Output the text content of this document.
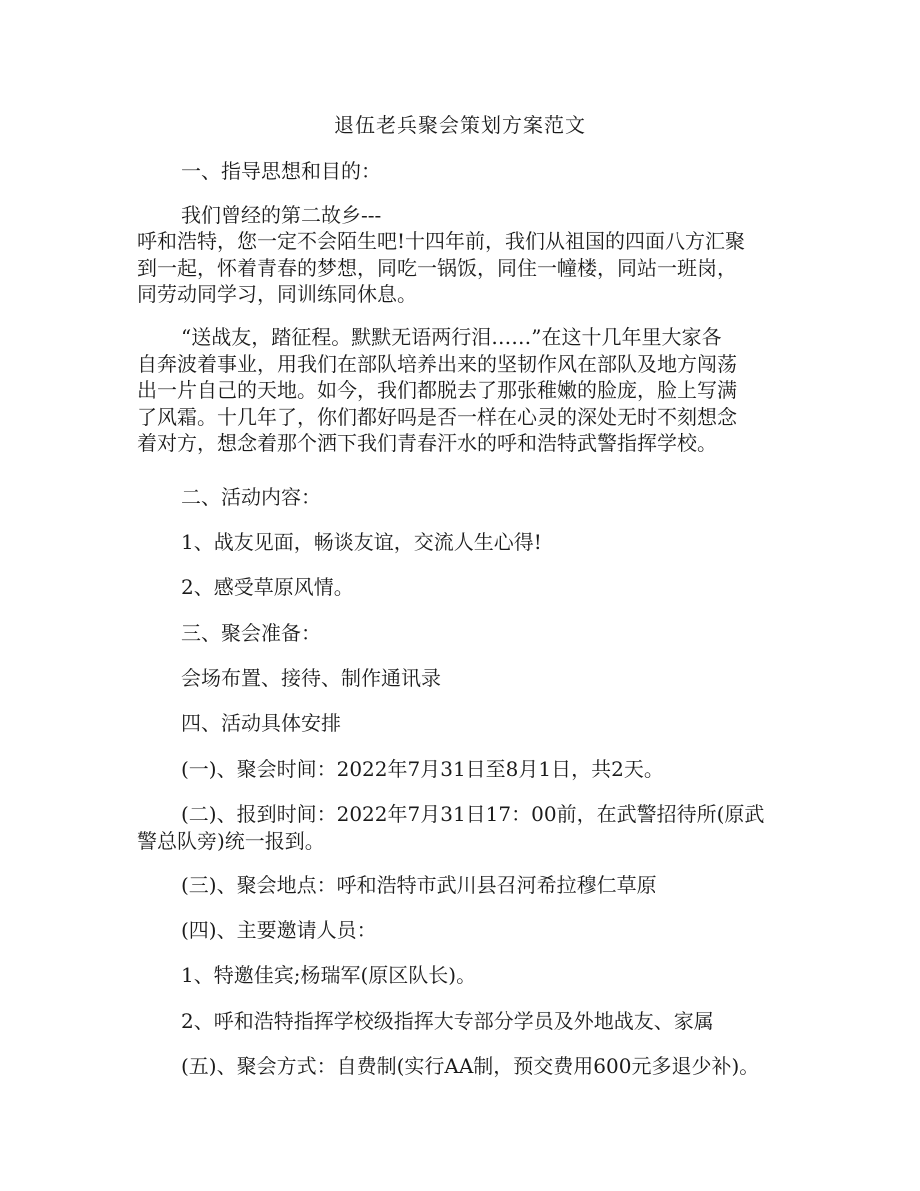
退伍老兵聚会策划方案范文
一、指导思想和目的：
我们曾经的第二故乡---
呼和浩特，您一定不会陌生吧!十四年前，我们从祖国的四面八方汇聚
到一起，怀着青春的梦想，同吃一锅饭，同住一幢楼，同站一班岗，
同劳动同学习，同训练同休息。
“送战友，踏征程。默默无语两行泪……”在这十几年里大家各
自奔波着事业，用我们在部队培养出来的坚韧作风在部队及地方闯荡
出一片自己的天地。如今，我们都脱去了那张稚嫩的脸庞，脸上写满
了风霜。十几年了，你们都好吗是否一样在心灵的深处无时不刻想念
着对方，想念着那个洒下我们青春汗水的呼和浩特武警指挥学校。
二、活动内容：
1、战友见面，畅谈友谊，交流人生心得!
2、感受草原风情。
三、聚会准备：
会场布置、接待、制作通讯录
四、活动具体安排
(一)、聚会时间：2022年7月31日至8月1日，共2天。
(二)、报到时间：2022年7月31日17：00前，在武警招待所(原武
警总队旁)统一报到。
(三)、聚会地点：呼和浩特市武川县召河希拉穆仁草原
(四)、主要邀请人员：
1、特邀佳宾;杨瑞军(原区队长)。
2、呼和浩特指挥学校级指挥大专部分学员及外地战友、家属
(五)、聚会方式：自费制(实行AA制，预交费用600元多退少补)。
